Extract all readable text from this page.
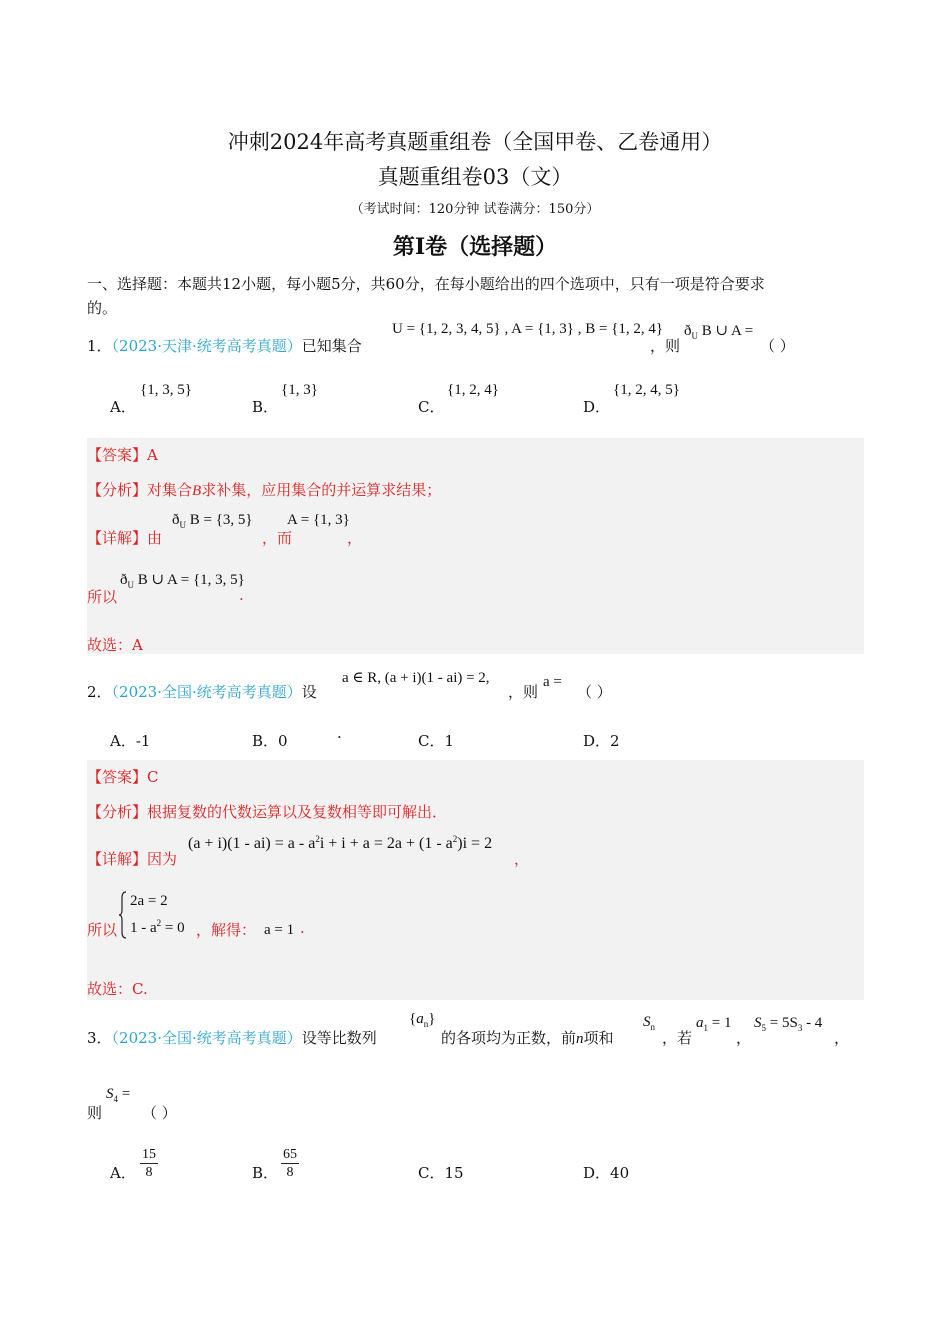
冲刺2024年高考真题重组卷（全国甲卷、乙卷通用）
真题重组卷03（文）
（考试时间：120分钟 试卷满分：150分）
第I卷（选择题）
一、选择题：本题共12小题，每小题5分，共60分，在每小题给出的四个选项中，只有一项是符合要求
的。
1．（2023·天津·统考高考真题）已知集合
U = {1, 2, 3, 4, 5} , A = {1, 3} , B = {1, 2, 4}
，则
$ð_U$ B ∪ A =
（ ）
A．
{1, 3, 5}
B．
{1, 3}
C．
{1, 2, 4}
D．
{1, 2, 4, 5}
【答案】A
【分析】对集合B求补集，应用集合的并运算求结果；
【详解】由
$ð_U$ B = {3, 5}
，而
A = {1, 3}
，
所以
$ð_U$ B ∪ A = {1, 3, 5}
.
故选：A
2．（2023·全国·统考高考真题）设
a ∈ R, (a + i)(1 - ai) = 2,
，则
a =
（ ）
A．-1	B．0	·	C．1	D．2
【答案】C
【分析】根据复数的代数运算以及复数相等即可解出．
【详解】因为
$(a + i)(1 - ai) = a - a^2i + i + a = 2a + (1 - a^2)i = 2$
，
所以
2a = 2
$1 - a^2 = 0$ ，解得： a = 1 .
故选：C.
3．（2023·全国·统考高考真题）设等比数列
$\{a_n\}$
的各项均为正数，前n项和
$S_n$
，若
$a_1 = 1$
，
$S_5 = 5S_3 - 4$
，
则
$S_4$ =
（ ）
A． $\frac{15}{8}$	B． $\frac{65}{8}$	C．15	D．40
